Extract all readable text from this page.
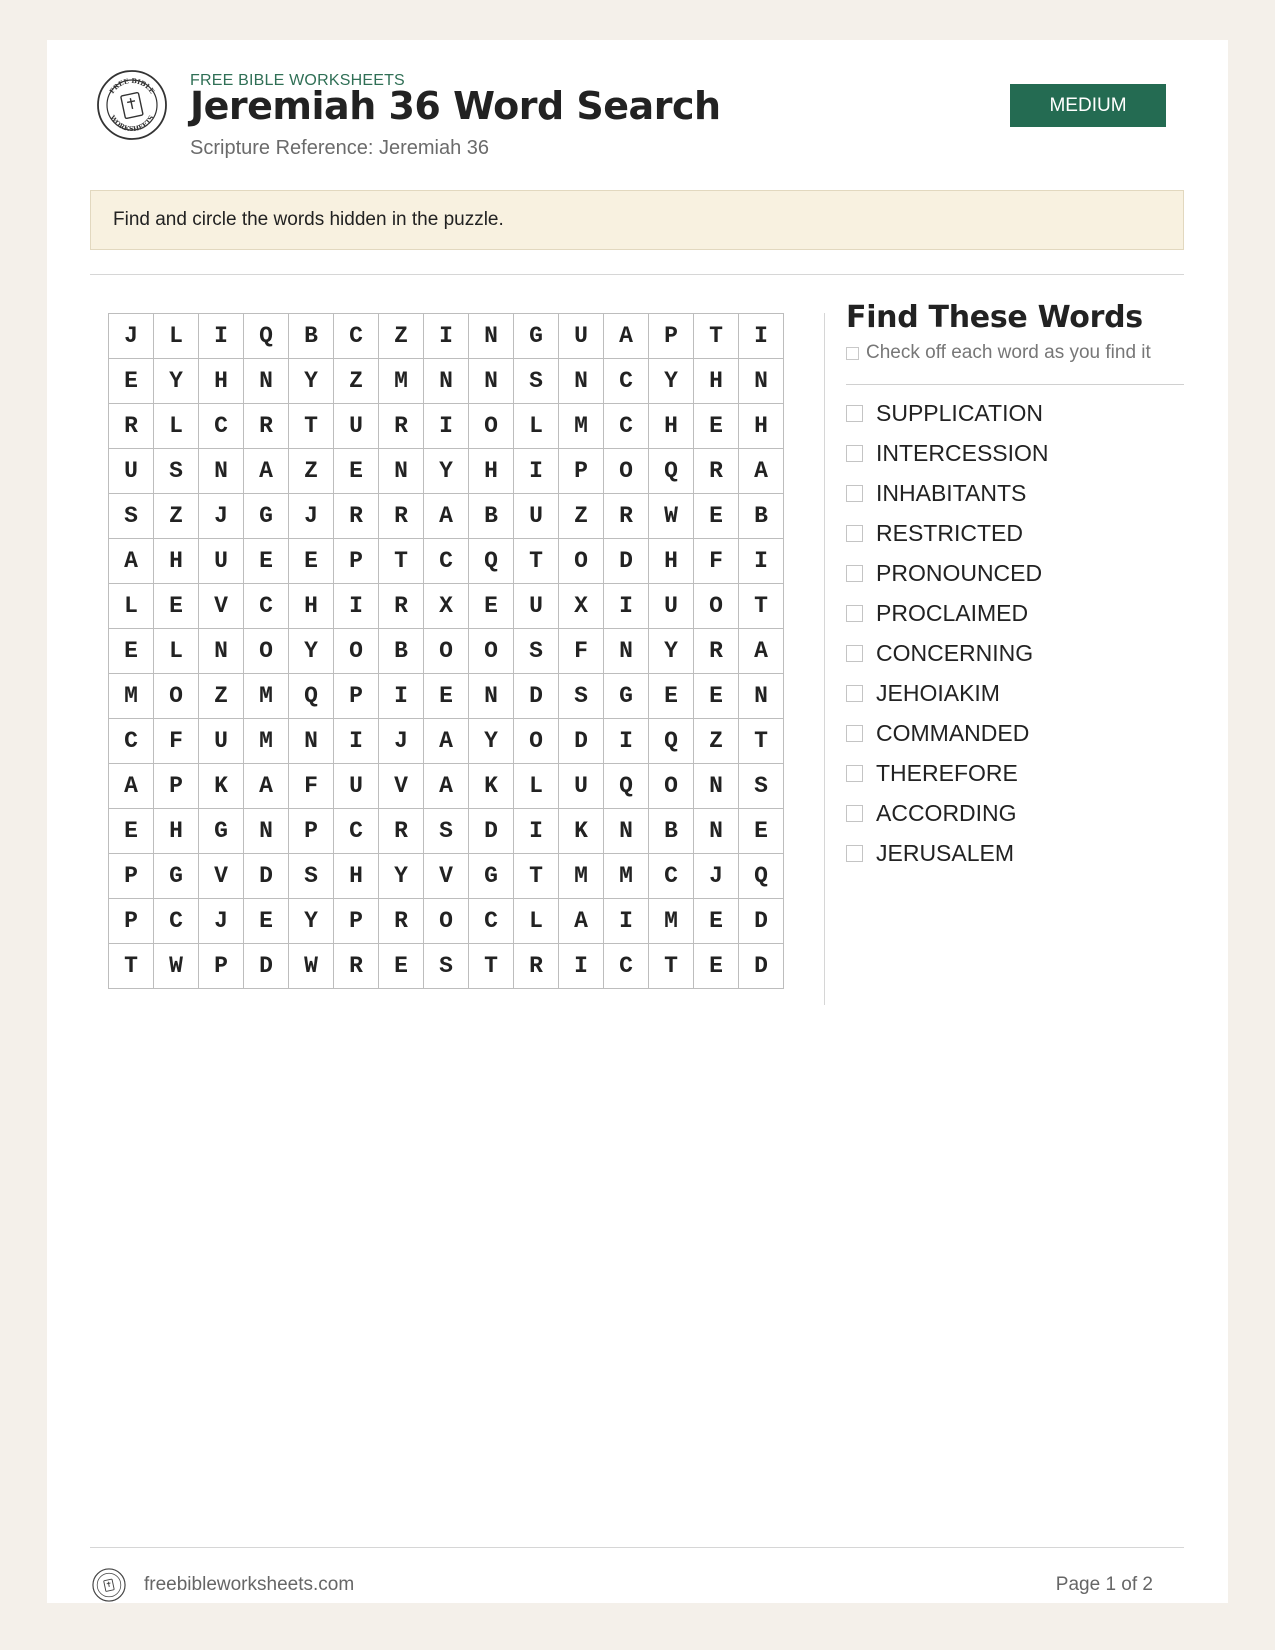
FREE BIBLE
WORKSHEETS
FREE BIBLE WORKSHEETS
Jeremiah 36 Word Search
Scripture Reference: Jeremiah 36
MEDIUM
Find and circle the words hidden in the puzzle.
J	L	I	Q	B	C	Z	I	N	G	U	A	P	T	I
E	Y	H	N	Y	Z	M	N	N	S	N	C	Y	H	N
R	L	C	R	T	U	R	I	O	L	M	C	H	E	H
U	S	N	A	Z	E	N	Y	H	I	P	O	Q	R	A
S	Z	J	G	J	R	R	A	B	U	Z	R	W	E	B
A	H	U	E	E	P	T	C	Q	T	O	D	H	F	I
L	E	V	C	H	I	R	X	E	U	X	I	U	O	T
E	L	N	O	Y	O	B	O	O	S	F	N	Y	R	A
M	O	Z	M	Q	P	I	E	N	D	S	G	E	E	N
C	F	U	M	N	I	J	A	Y	O	D	I	Q	Z	T
A	P	K	A	F	U	V	A	K	L	U	Q	O	N	S
E	H	G	N	P	C	R	S	D	I	K	N	B	N	E
P	G	V	D	S	H	Y	V	G	T	M	M	C	J	Q
P	C	J	E	Y	P	R	O	C	L	A	I	M	E	D
T	W	P	D	W	R	E	S	T	R	I	C	T	E	D
Find These Words
Check off each word as you find it
SUPPLICATION
INTERCESSION
INHABITANTS
RESTRICTED
PRONOUNCED
PROCLAIMED
CONCERNING
JEHOIAKIM
COMMANDED
THEREFORE
ACCORDING
JERUSALEM
freebibleworksheets.com	Page 1 of 2
